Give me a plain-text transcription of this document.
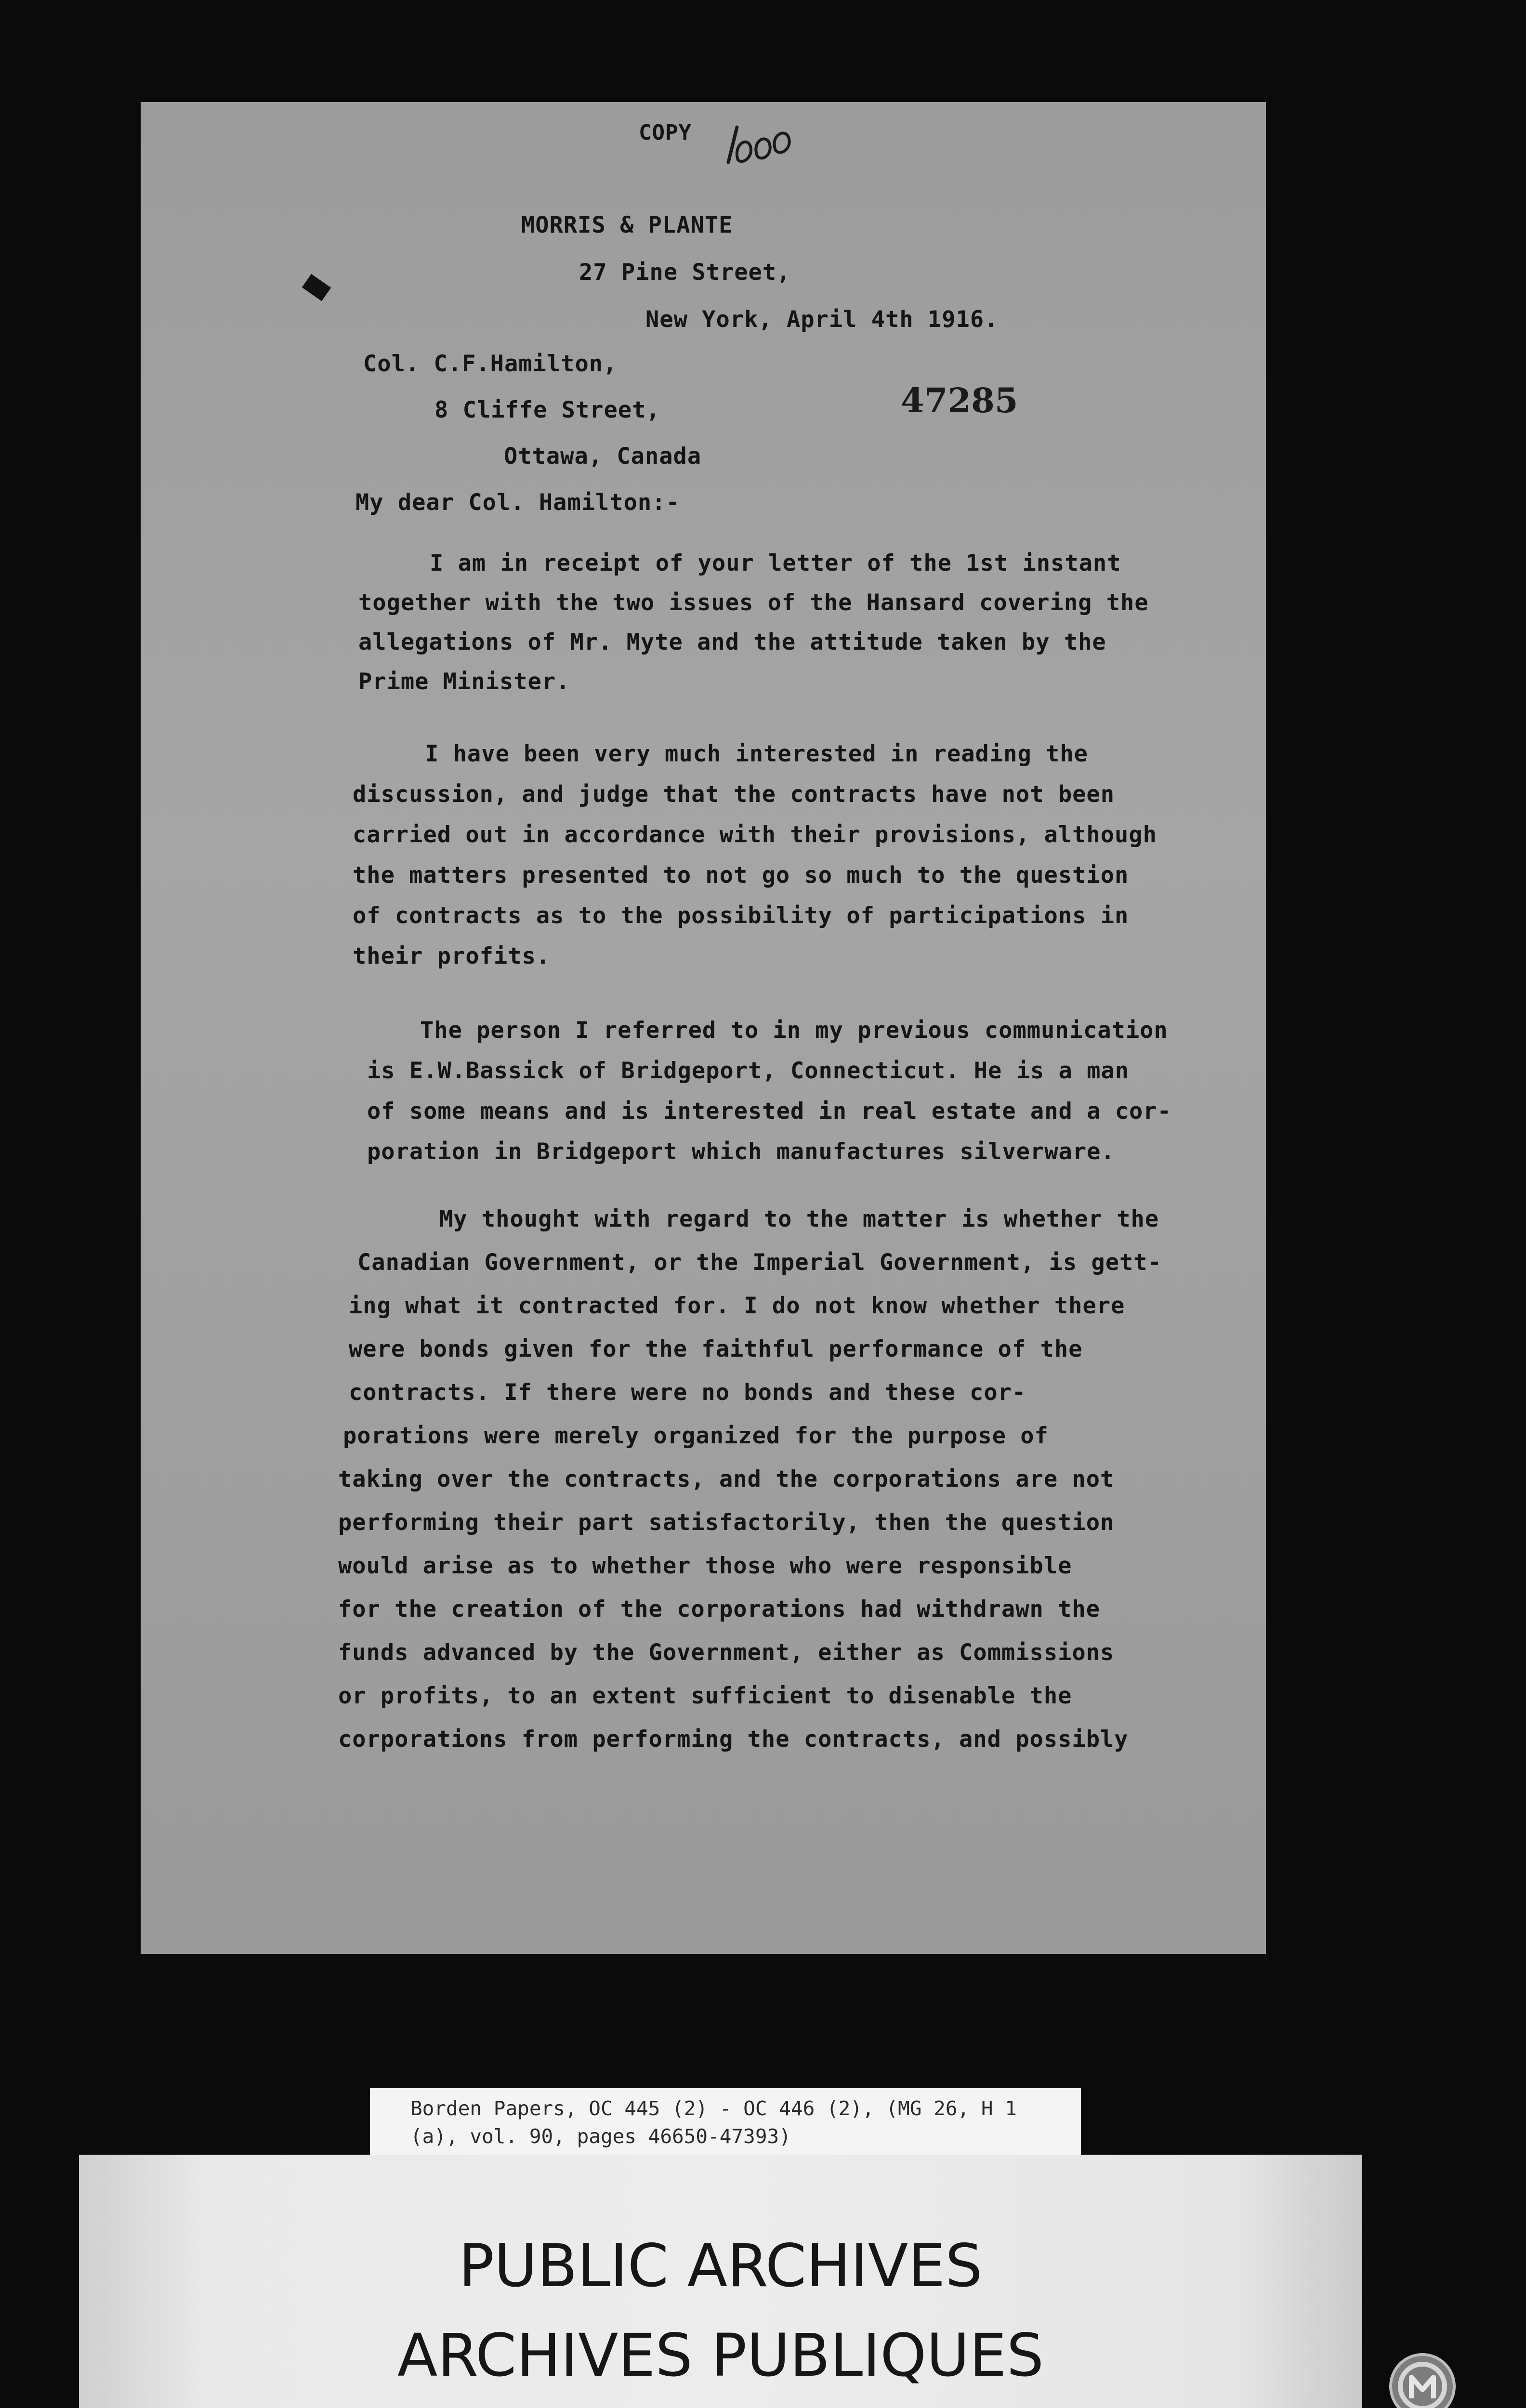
COPY
MORRIS & PLANTE
27 Pine Street,
New York, April 4th 1916.
Col. C.F.Hamilton,
8 Cliffe Street,	47285
Ottawa, Canada
My dear Col. Hamilton:-
I am in receipt of your letter of the 1st instant
together with the two issues of the Hansard covering the
allegations of Mr. Myte and the attitude taken by the
Prime Minister.
I have been very much interested in reading the
discussion, and judge that the contracts have not been
carried out in accordance with their provisions, although
the matters presented to not go so much to the question
of contracts as to the possibility of participations in
their profits.
The person I referred to in my previous communication
is E.W.Bassick of Bridgeport, Connecticut. He is a man
of some means and is interested in real estate and a cor-
poration in Bridgeport which manufactures silverware.
My thought with regard to the matter is whether the
Canadian Government, or the Imperial Government, is gett-
ing what it contracted for. I do not know whether there
were bonds given for the faithful performance of the
contracts. If there were no bonds and these cor-
porations were merely organized for the purpose of
taking over the contracts, and the corporations are not
performing their part satisfactorily, then the question
would arise as to whether those who were responsible
for the creation of the corporations had withdrawn the
funds advanced by the Government, either as Commissions
or profits, to an extent sufficient to disenable the
corporations from performing the contracts, and possibly
Borden Papers, OC 445 (2) - OC 446 (2), (MG 26, H 1
(a), vol. 90, pages 46650-47393)
PUBLIC ARCHIVES
ARCHIVES PUBLIQUES
